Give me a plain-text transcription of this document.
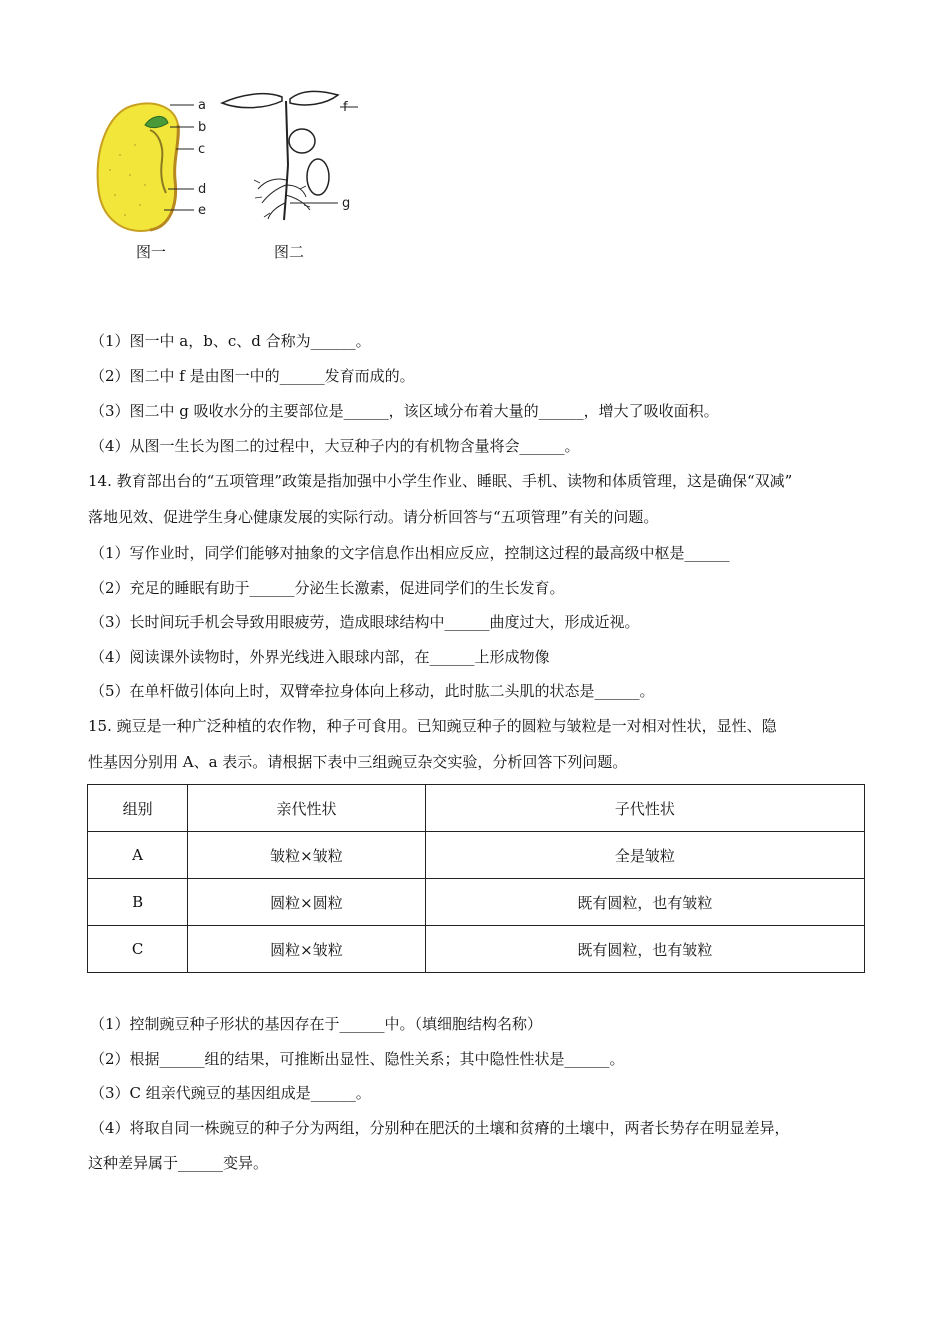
a
b
c
d
e
f
g
图一	图二
（1）图一中 a，b、c、d 合称为______。
（2）图二中 f 是由图一中的______发育而成的。
（3）图二中 g 吸收水分的主要部位是______，该区域分布着大量的______，增大了吸收面积。
（4）从图一生长为图二的过程中，大豆种子内的有机物含量将会______。
14. 教育部出台的“五项管理”政策是指加强中小学生作业、睡眠、手机、读物和体质管理，这是确保“双减”
落地见效、促进学生身心健康发展的实际行动。请分析回答与“五项管理”有关的问题。
（1）写作业时，同学们能够对抽象的文字信息作出相应反应，控制这过程的最高级中枢是______
（2）充足的睡眠有助于______分泌生长激素，促进同学们的生长发育。
（3）长时间玩手机会导致用眼疲劳，造成眼球结构中______曲度过大，形成近视。
（4）阅读课外读物时，外界光线进入眼球内部，在______上形成物像
（5）在单杆做引体向上时，双臂牵拉身体向上移动，此时肱二头肌的状态是______。
15. 豌豆是一种广泛种植的农作物，种子可食用。已知豌豆种子的圆粒与皱粒是一对相对性状，显性、隐
性基因分别用 A、a 表示。请根据下表中三组豌豆杂交实验，分析回答下列问题。
组别	亲代性状	子代性状
A	皱粒×皱粒	全是皱粒
B	圆粒×圆粒	既有圆粒，也有皱粒
C	圆粒×皱粒	既有圆粒，也有皱粒
（1）控制豌豆种子形状的基因存在于______中。（填细胞结构名称）
（2）根据______组的结果，可推断出显性、隐性关系；其中隐性性状是______。
（3）C 组亲代豌豆的基因组成是______。
（4）将取自同一株豌豆的种子分为两组，分别种在肥沃的土壤和贫瘠的土壤中，两者长势存在明显差异，
这种差异属于______变异。
